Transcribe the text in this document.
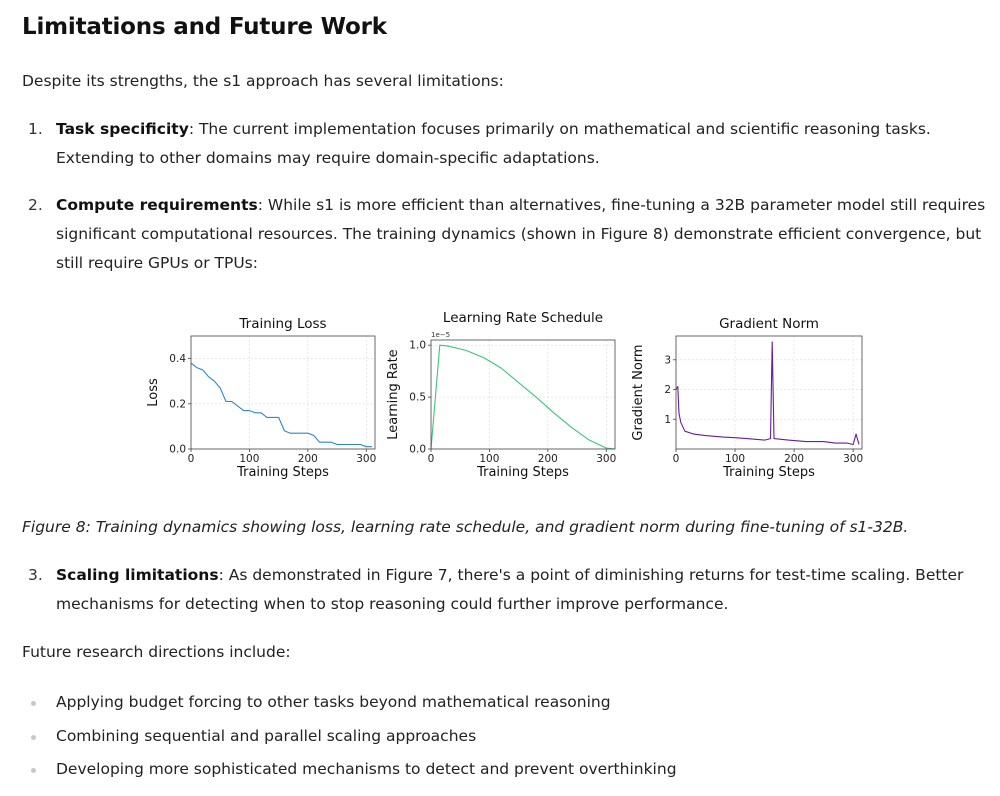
Limitations and Future Work

Despite its strengths, the s1 approach has several limitations:

1. Task specificity: The current implementation focuses primarily on mathematical and scientific reasoning tasks. Extending to other domains may require domain-specific adaptations.
2. Compute requirements: While s1 is more efficient than alternatives, fine-tuning a 32B parameter model still requires significant computational resources. The training dynamics (shown in Figure 8) demonstrate efficient convergence, but still require GPUs or TPUs:
0	100	200	300
0.0
0.2
0.4
Training Loss
Training Steps
Loss
0	100	200	300
0.0
0.5
1.0
Learning Rate Schedule
Training Steps
Learning Rate
1e−5
0	100	200	300
1
2
3
Gradient Norm
Training Steps
Gradient Norm

Figure 8: Training dynamics showing loss, learning rate schedule, and gradient norm during fine-tuning of s1-32B.

3. Scaling limitations: As demonstrated in Figure 7, there's a point of diminishing returns for test-time scaling. Better mechanisms for detecting when to stop reasoning could further improve performance.

Future research directions include:

Applying budget forcing to other tasks beyond mathematical reasoning
Combining sequential and parallel scaling approaches
Developing more sophisticated mechanisms to detect and prevent overthinking
